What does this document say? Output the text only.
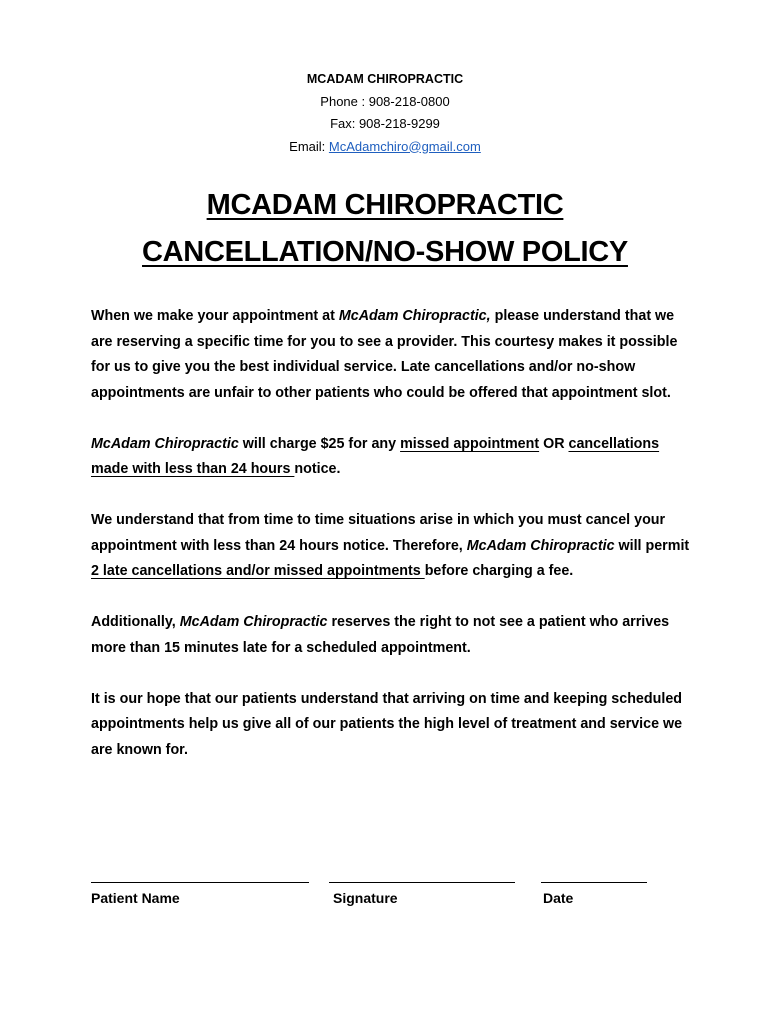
MCADAM CHIROPRACTIC
Phone : 908-218-0800
Fax: 908-218-9299
Email: McAdamchiro@gmail.com
MCADAM CHIROPRACTIC
CANCELLATION/NO-SHOW POLICY

When we make your appointment at McAdam Chiropractic, please understand that we are reserving a specific time for you to see a provider. This courtesy makes it possible for us to give you the best individual service. Late cancellations and/or no-show appointments are unfair to other patients who could be offered that appointment slot.

McAdam Chiropractic will charge $25 for any missed appointment OR cancellations made with less than 24 hours notice.

We understand that from time to time situations arise in which you must cancel your appointment with less than 24 hours notice. Therefore, McAdam Chiropractic will permit 2 late cancellations and/or missed appointments before charging a fee.

Additionally, McAdam Chiropractic reserves the right to not see a patient who arrives more than 15 minutes late for a scheduled appointment.

It is our hope that our patients understand that arriving on time and keeping scheduled appointments help us give all of our patients the high level of treatment and service we are known for.

Patient Name	Signature	Date
